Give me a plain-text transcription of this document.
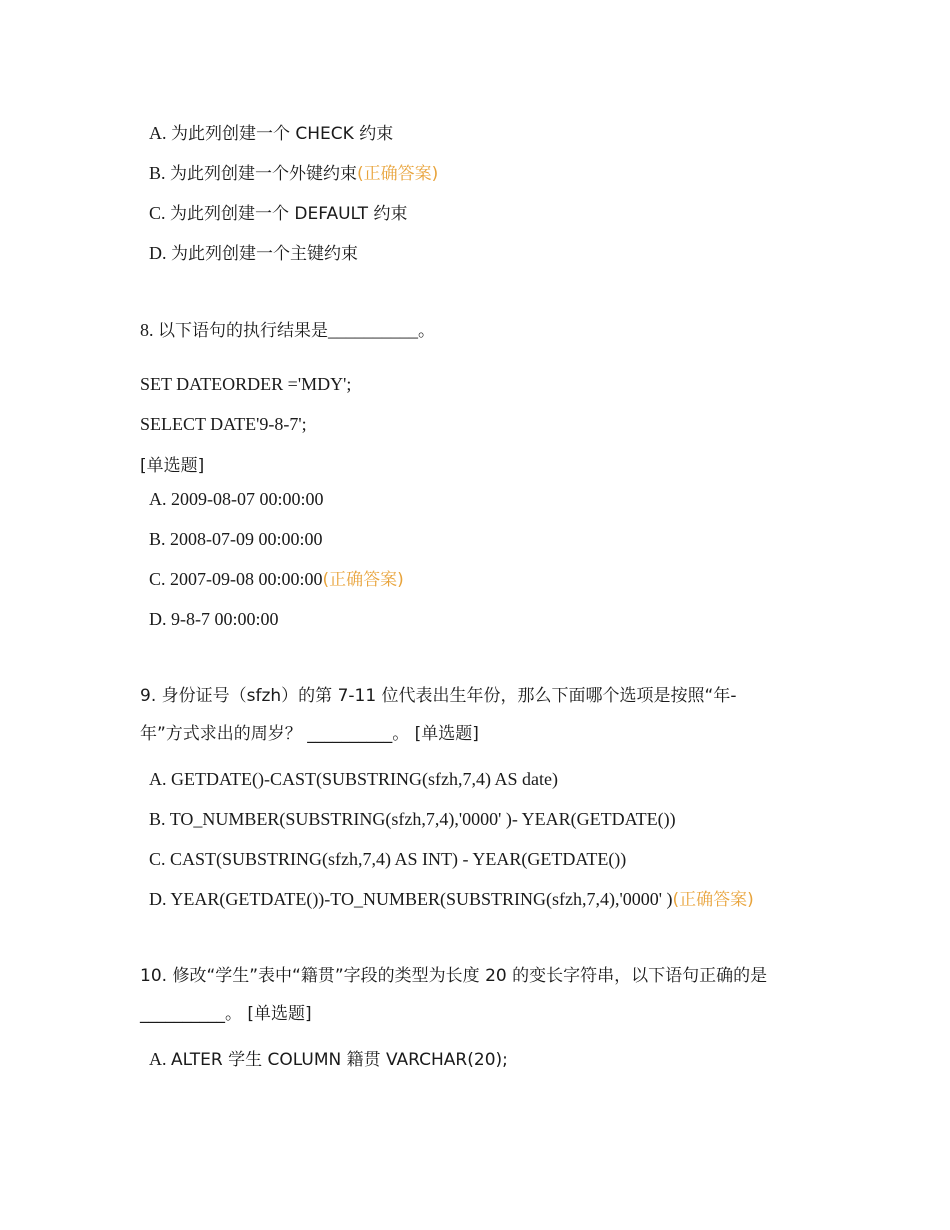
A. 为此列创建一个 CHECK 约束
B. 为此列创建一个外键约束(正确答案)
C. 为此列创建一个 DEFAULT 约束
D. 为此列创建一个主键约束
8. 以下语句的执行结果是__________。
SET DATEORDER ='MDY';
SELECT DATE'9-8-7';
[单选题]
A. 2009-08-07 00:00:00
B. 2008-07-09 00:00:00
C. 2007-09-08 00:00:00(正确答案)
D. 9-8-7 00:00:00
9. 身份证号（sfzh）的第 7-11 位代表出生年份，那么下面哪个选项是按照“年-
年”方式求出的周岁？ __________。 [单选题]
A. GETDATE()-CAST(SUBSTRING(sfzh,7,4) AS date)
B. TO_NUMBER(SUBSTRING(sfzh,7,4),'0000' )- YEAR(GETDATE())
C. CAST(SUBSTRING(sfzh,7,4) AS INT) - YEAR(GETDATE())
D. YEAR(GETDATE())-TO_NUMBER(SUBSTRING(sfzh,7,4),'0000' )(正确答案)
10. 修改“学生”表中“籍贯”字段的类型为长度 20 的变长字符串，以下语句正确的是
__________。 [单选题]
A. ALTER 学生 COLUMN 籍贯 VARCHAR(20);
